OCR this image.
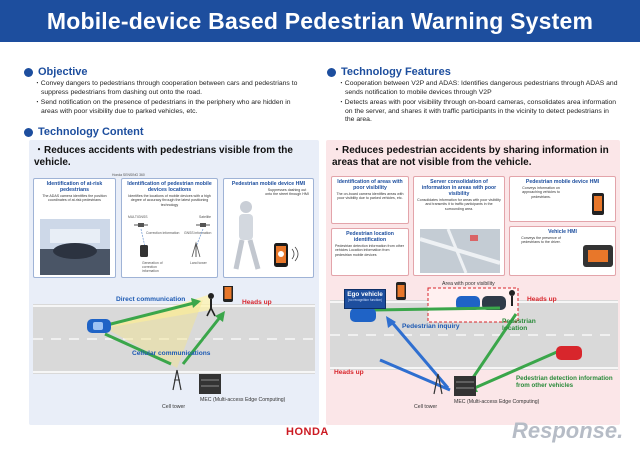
Mobile-device Based Pedestrian Warning System
Objective
・Convey dangers to pedestrians through cooperation between cars and pedestrians to suppress pedestrians from dashing out onto the road.
・Send notification on the presence of pedestrians in the periphery who are hidden in areas with poor visibility due to parked vehicles, etc.
Technology Features
・Cooperation between V2P and ADAS: Identifies dangerous pedestrians through ADAS and sends notification to mobile devices through V2P
・Detects areas with poor visibility through on-board cameras, consolidates area information on the server, and shares it with traffic participants in the vicinity to detect pedestrians in the area.
Technology Content
・Reduces accidents with pedestrians visible from the vehicle.
Honda SENSING 360
Identification of at-risk pedestrians
The ADAS camera identifies the position coordinates of at-risk pedestrians
Identification of pedestrian mobile devices locations
Identifies the locations of mobile devices with a high degree of accuracy through the latest positioning technology
MULTIGNSS	Satellite
Correction information GNSS information
Generation of correction information
Land tower
Pedestrian mobile device HMI
Suppresses dashing out onto the street through HMI
Direct communication
Cellular communications
Heads up
Cell tower
MEC (Multi-access Edge Computing)
・Reduces pedestrian accidents by sharing information in areas that are not visible from the vehicle.
Identification of areas with poor visibility
The on-board camera identifies areas with poor visibility due to parked vehicles, etc.
Server consolidation of information in areas with poor visibility
Consolidates information for areas with poor visibility and transmits it to traffic participants in the surrounding area.
Pedestrian mobile device HMI
Conveys information on approaching vehicles to pedestrians.
Pedestrian location identification
Pedestrian detection information from other vehicles Location information from pedestrian mobile devices
Vehicle HMI
Conveys the presence of pedestrians to the driver.
Area with poor visibility
Ego vehicle
(no recognition function)	Heads up
Heads up
Pedestrian inquiry
Pedestrian location
Pedestrian detection information from other vehicles
Cell tower
MEC (Multi-access Edge Computing)
HONDA	Response.
